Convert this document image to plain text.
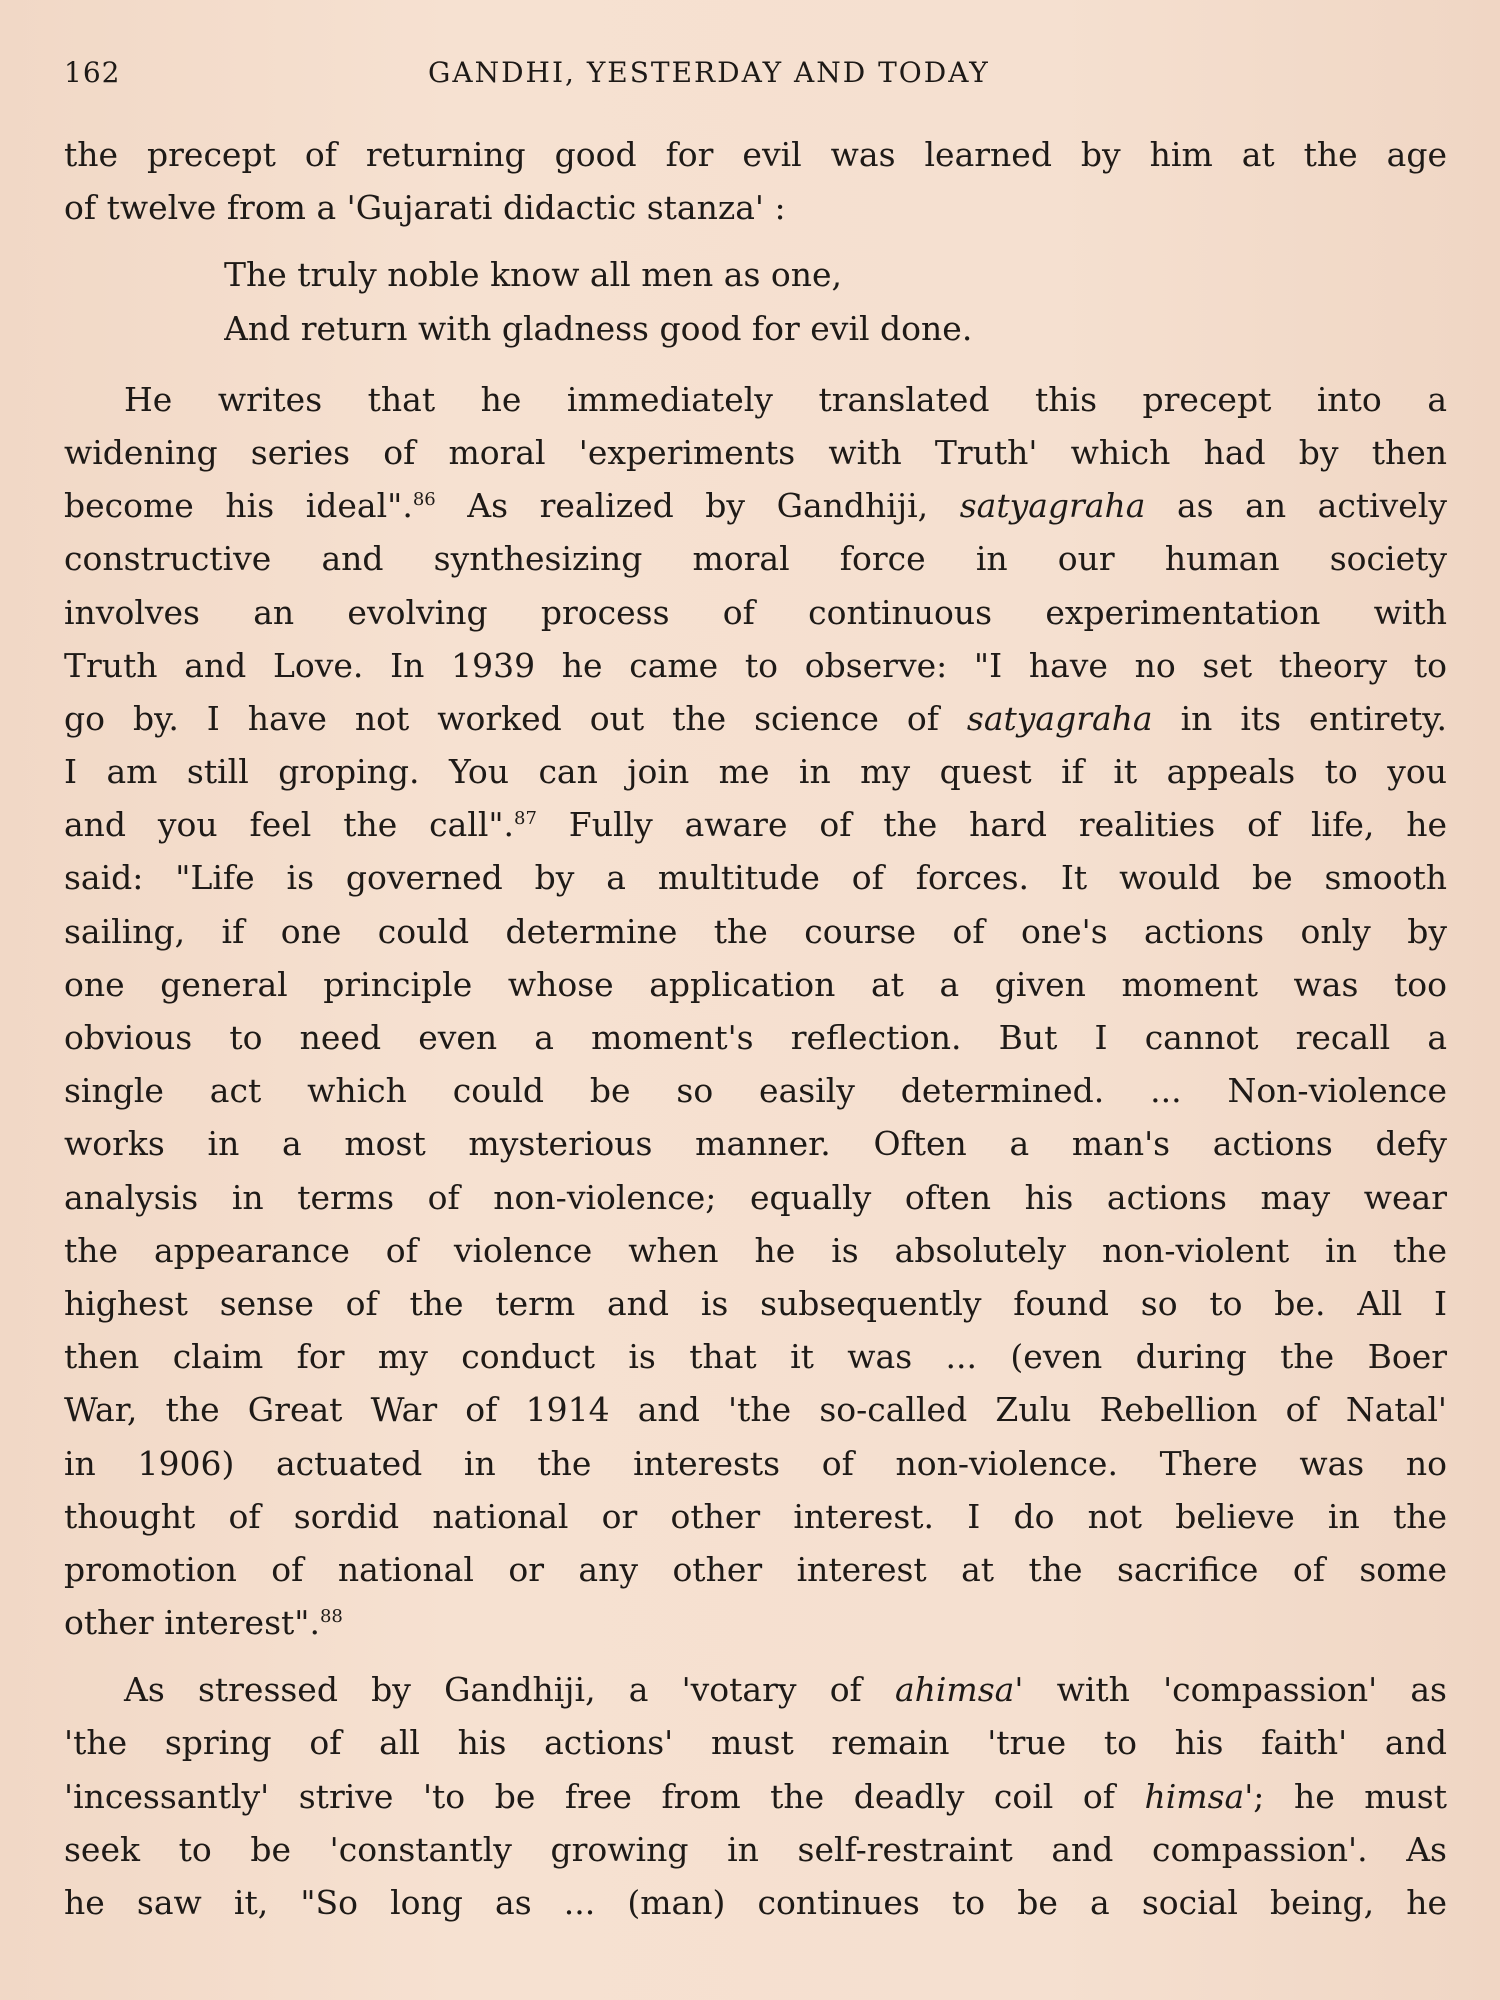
162	GANDHI, YESTERDAY AND TODAY
the precept of returning good for evil was learned by him at the age
of twelve from a 'Gujarati didactic stanza' :
The truly noble know all men as one,
And return with gladness good for evil done.
He writes that he immediately translated this precept into a
widening series of moral 'experiments with Truth' which had by then
become his ideal".$^{86}$ As realized by Gandhiji, satyagraha as an actively
constructive and synthesizing moral force in our human society
involves an evolving process of continuous experimentation with
Truth and Love. In 1939 he came to observe: "I have no set theory to
go by. I have not worked out the science of satyagraha in its entirety.
I am still groping. You can join me in my quest if it appeals to you
and you feel the call".$^{87}$ Fully aware of the hard realities of life, he
said: "Life is governed by a multitude of forces. It would be smooth
sailing, if one could determine the course of one's actions only by
one general principle whose application at a given moment was too
obvious to need even a moment's reflection. But I cannot recall a
single act which could be so easily determined. ... Non-violence
works in a most mysterious manner. Often a man's actions defy
analysis in terms of non-violence; equally often his actions may wear
the appearance of violence when he is absolutely non-violent in the
highest sense of the term and is subsequently found so to be. All I
then claim for my conduct is that it was ... (even during the Boer
War, the Great War of 1914 and 'the so-called Zulu Rebellion of Natal'
in 1906) actuated in the interests of non-violence. There was no
thought of sordid national or other interest. I do not believe in the
promotion of national or any other interest at the sacrifice of some
other interest".$^{88}$
As stressed by Gandhiji, a 'votary of ahimsa' with 'compassion' as
'the spring of all his actions' must remain 'true to his faith' and
'incessantly' strive 'to be free from the deadly coil of himsa'; he must
seek to be 'constantly growing in self-restraint and compassion'. As
he saw it, "So long as ... (man) continues to be a social being, he
